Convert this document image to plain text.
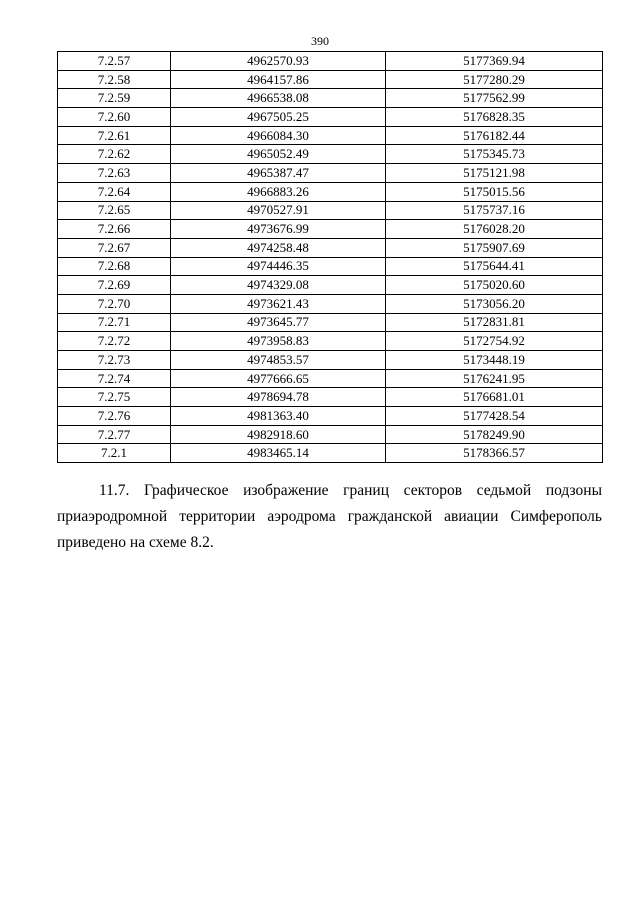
390
7.2.57	4962570.93	5177369.94
7.2.58	4964157.86	5177280.29
7.2.59	4966538.08	5177562.99
7.2.60	4967505.25	5176828.35
7.2.61	4966084.30	5176182.44
7.2.62	4965052.49	5175345.73
7.2.63	4965387.47	5175121.98
7.2.64	4966883.26	5175015.56
7.2.65	4970527.91	5175737.16
7.2.66	4973676.99	5176028.20
7.2.67	4974258.48	5175907.69
7.2.68	4974446.35	5175644.41
7.2.69	4974329.08	5175020.60
7.2.70	4973621.43	5173056.20
7.2.71	4973645.77	5172831.81
7.2.72	4973958.83	5172754.92
7.2.73	4974853.57	5173448.19
7.2.74	4977666.65	5176241.95
7.2.75	4978694.78	5176681.01
7.2.76	4981363.40	5177428.54
7.2.77	4982918.60	5178249.90
7.2.1	4983465.14	5178366.57

11.7. Графическое изображение границ секторов седьмой подзоны приаэродромной территории аэродрома гражданской авиации Симферополь приведено на схеме 8.2.
